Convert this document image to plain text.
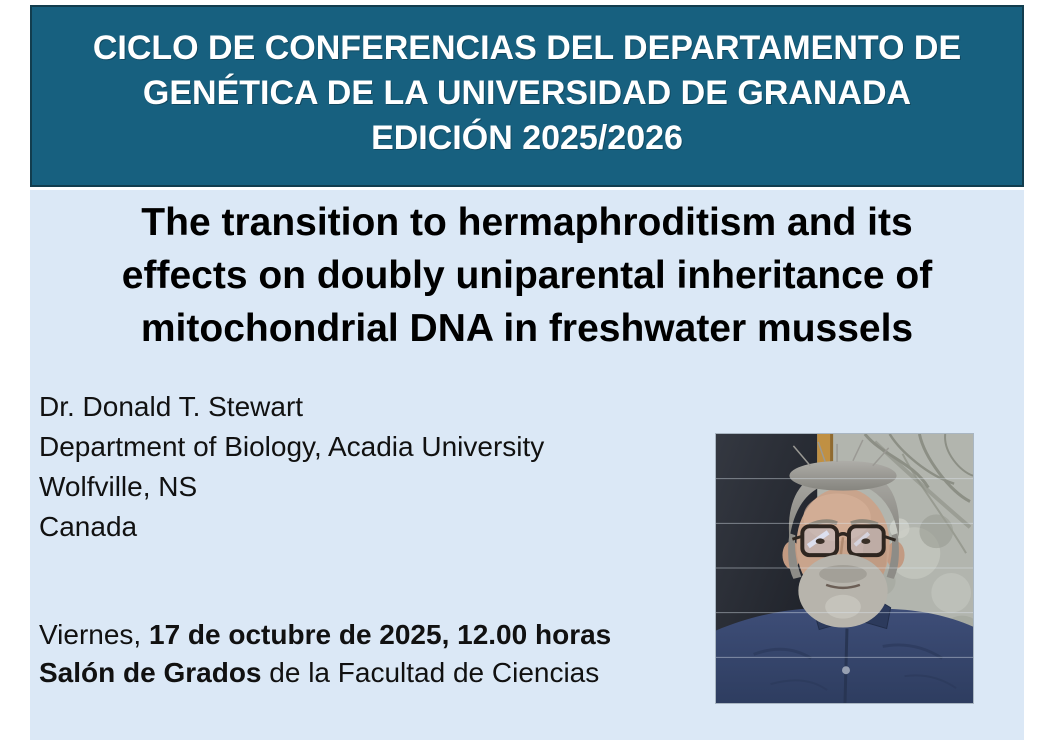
CICLO DE CONFERENCIAS DEL DEPARTAMENTO DE
GENÉTICA DE LA UNIVERSIDAD DE GRANADA
EDICIÓN 2025/2026
The transition to hermaphroditism and its
effects on doubly uniparental inheritance of
mitochondrial DNA in freshwater mussels
Dr. Donald T. Stewart
Department of Biology, Acadia University
Wolfville, NS
Canada
Viernes, 17 de octubre de 2025, 12.00 horas
Salón de Grados de la Facultad de Ciencias
